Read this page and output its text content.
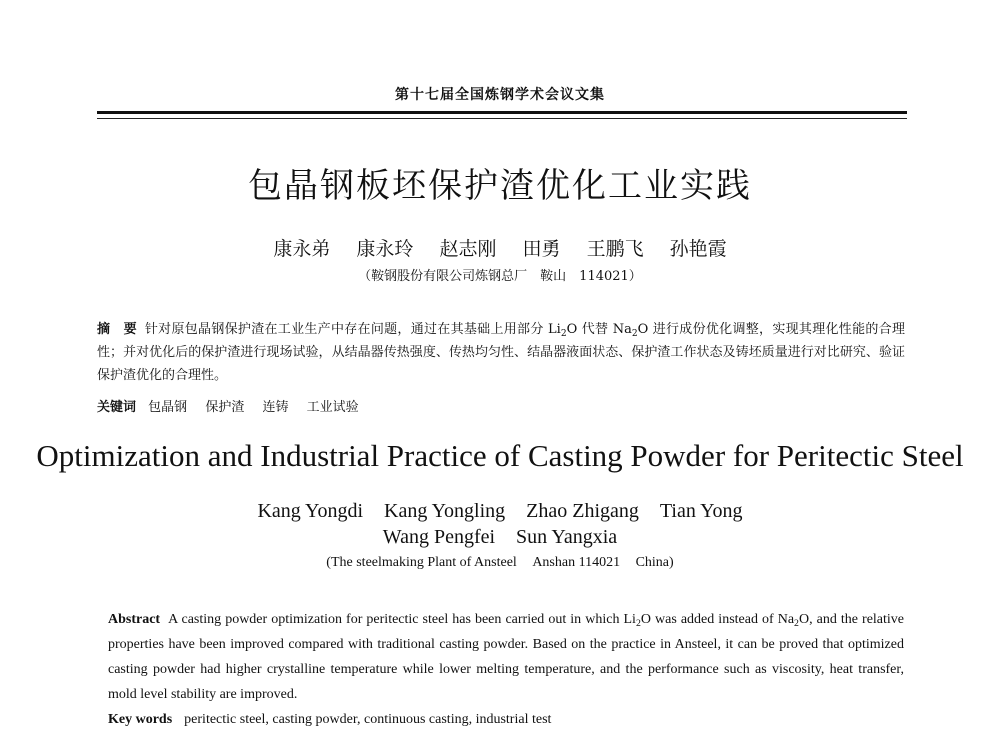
第十七届全国炼钢学术会议文集
包晶钢板坯保护渣优化工业实践
康永弟 康永玲 赵志刚 田勇 王鹏飞 孙艳霞
（鞍钢股份有限公司炼钢总厂　鞍山　114021）
摘　要 针对原包晶钢保护渣在工业生产中存在问题，通过在其基础上用部分 $Li_2O$ 代替 $Na_2O$ 进行成份优化调整，实现其理化性能的合理性；并对优化后的保护渣进行现场试验，从结晶器传热强度、传热均匀性、结晶器液面状态、保护渣工作状态及铸坯质量进行对比研究、验证保护渣优化的合理性。
关键词 包晶钢 保护渣 连铸 工业试验
Optimization and Industrial Practice of Casting Powder for Peritectic Steel
Kang Yongdi Kang Yongling Zhao Zhigang Tian Yong
Wang Pengfei Sun Yangxia
(The steelmaking Plant of Ansteel Anshan 114021 China)
Abstract A casting powder optimization for peritectic steel has been carried out in which $Li_2O$ was added instead of $Na_2O$, and the relative properties have been improved compared with traditional casting powder. Based on the practice in Ansteel, it can be proved that optimized casting powder had higher crystalline temperature while lower melting temperature, and the performance such as viscosity, heat transfer, mold level stability are improved.
Key words peritectic steel, casting powder, continuous casting, industrial test
